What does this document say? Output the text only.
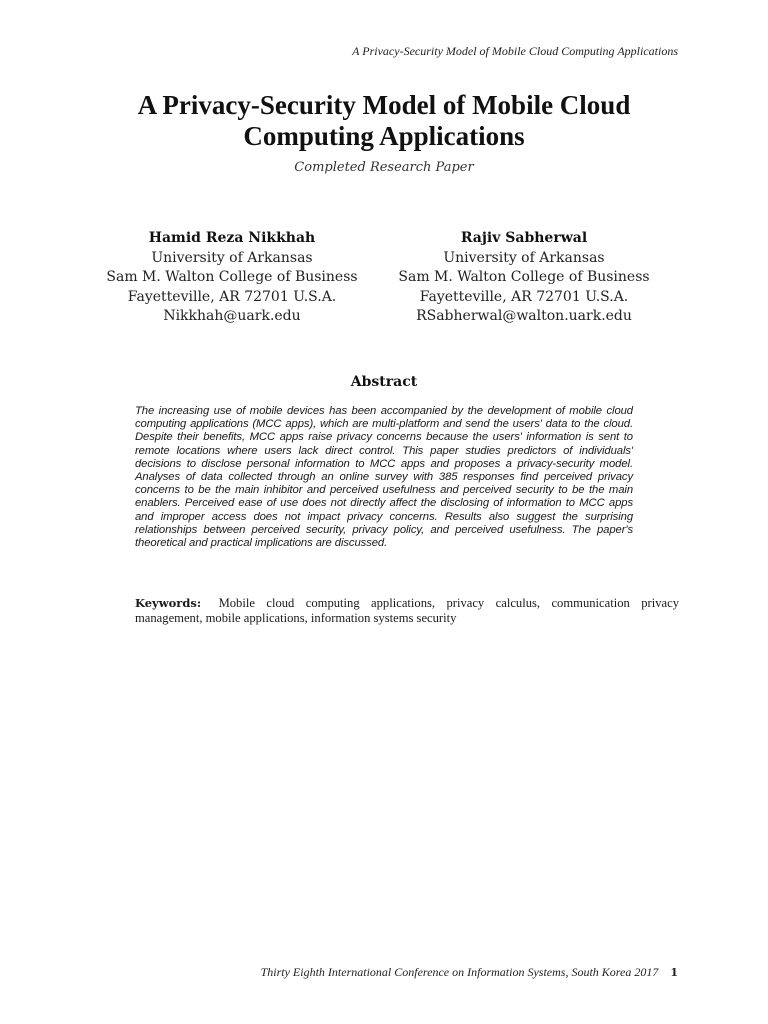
A Privacy-Security Model of Mobile Cloud Computing Applications
A Privacy-Security Model of Mobile Cloud
Computing Applications
Completed Research Paper
Hamid Reza Nikkhah
University of Arkansas
Sam M. Walton College of Business
Fayetteville, AR 72701 U.S.A.
Nikkhah@uark.edu
Rajiv Sabherwal
University of Arkansas
Sam M. Walton College of Business
Fayetteville, AR 72701 U.S.A.
RSabherwal@walton.uark.edu
Abstract
The increasing use of mobile devices has been accompanied by the development of mobile cloud computing applications (MCC apps), which are multi-platform and send the users' data to the cloud. Despite their benefits, MCC apps raise privacy concerns because the users' information is sent to remote locations where users lack direct control. This paper studies predictors of individuals' decisions to disclose personal information to MCC apps and proposes a privacy-security model. Analyses of data collected through an online survey with 385 responses find perceived privacy concerns to be the main inhibitor and perceived usefulness and perceived security to be the main enablers. Perceived ease of use does not directly affect the disclosing of information to MCC apps and improper access does not impact privacy concerns. Results also suggest the surprising relationships between perceived security, privacy policy, and perceived usefulness. The paper's theoretical and practical implications are discussed.
Keywords: Mobile cloud computing applications, privacy calculus, communication privacy management, mobile applications, information systems security
Thirty Eighth International Conference on Information Systems, South Korea 2017 1
